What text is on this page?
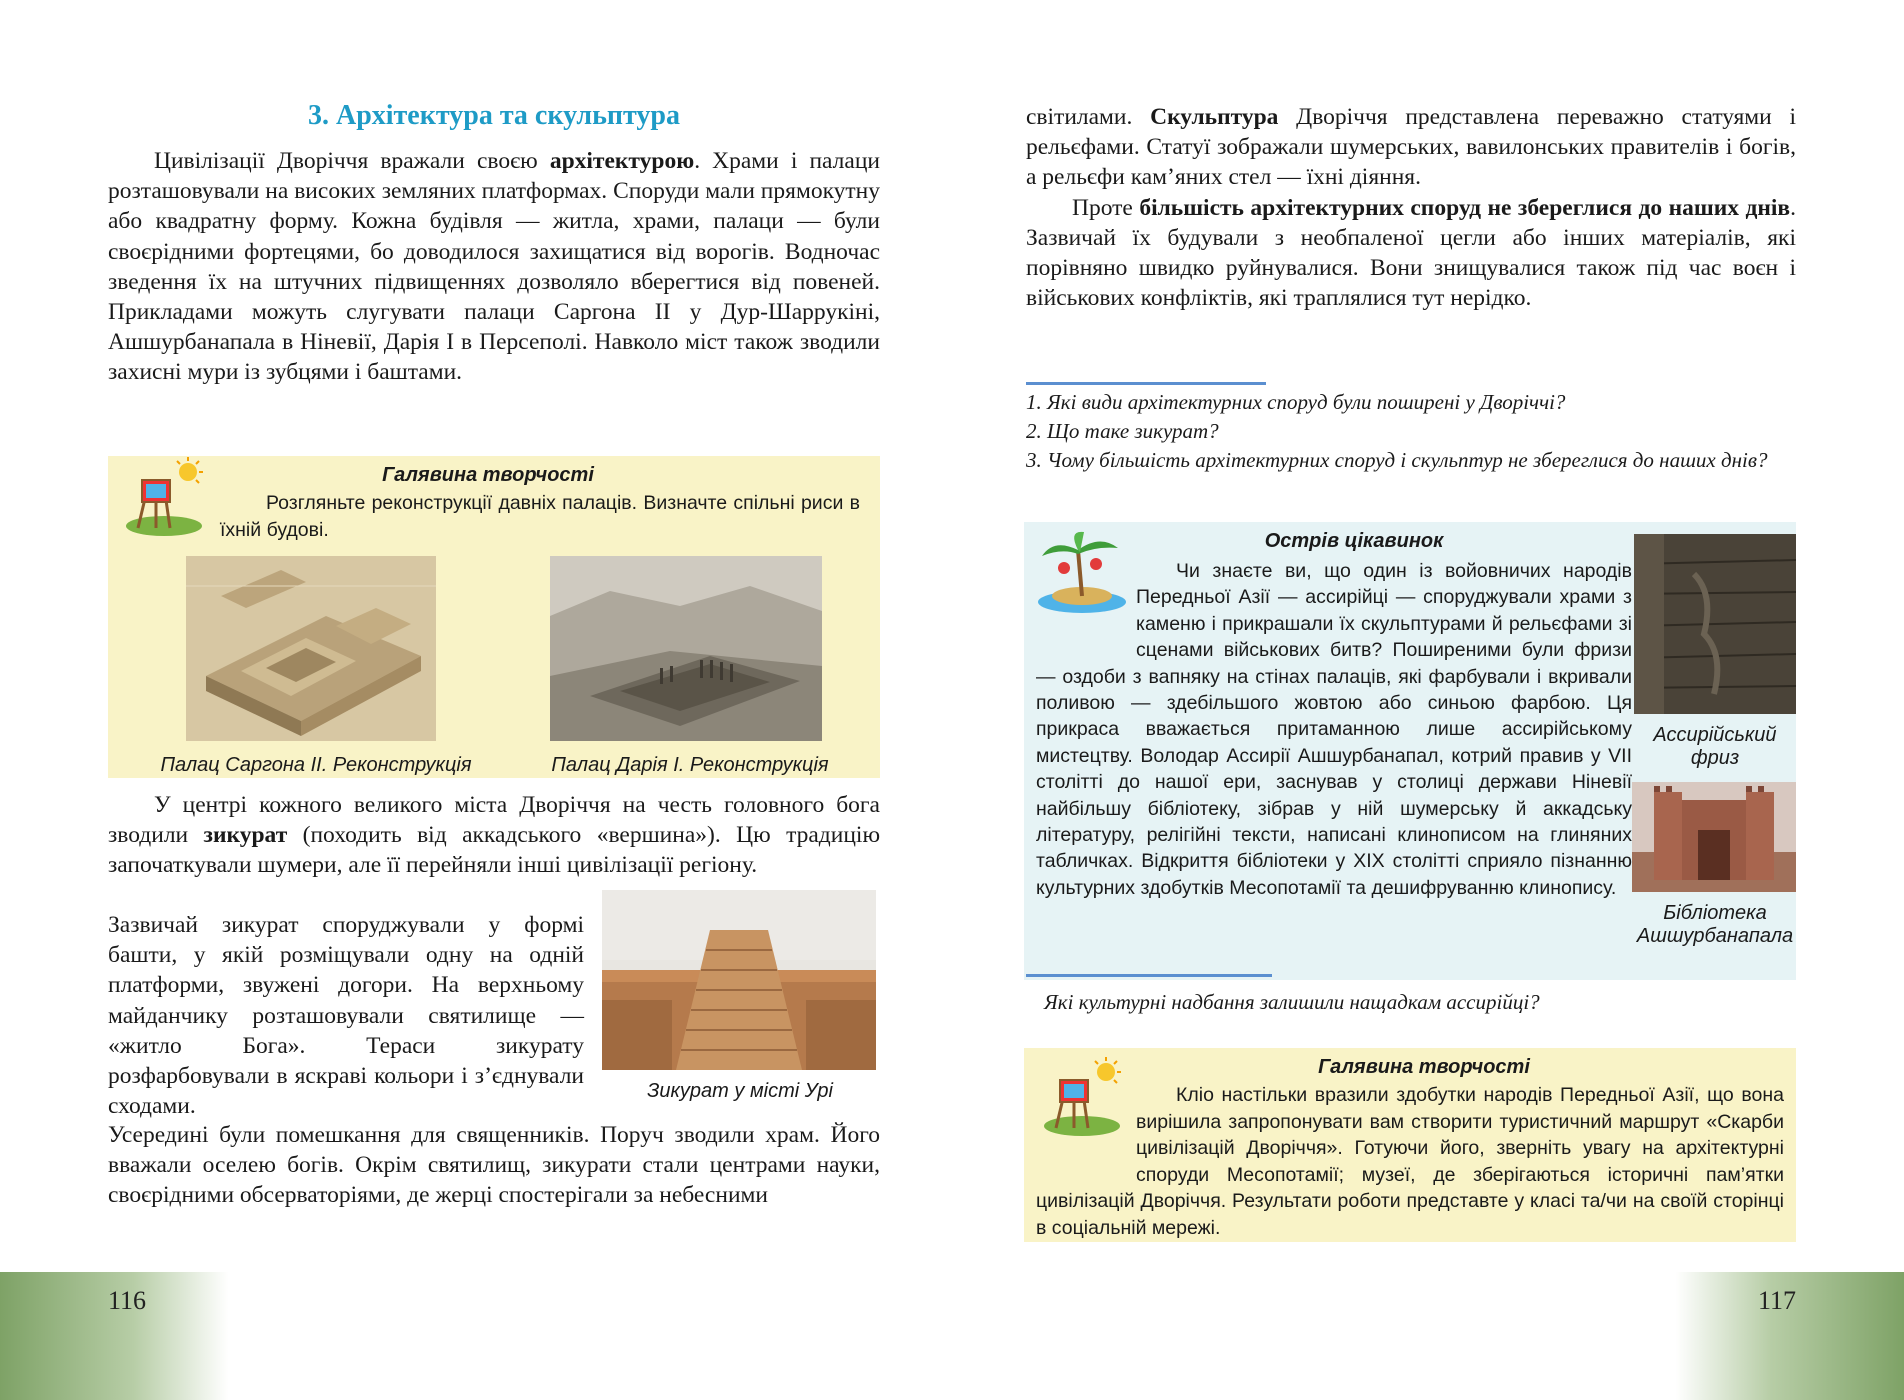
116
3. Архітектура та скульптура

Цивілізації Дворіччя вражали своєю архітектурою. Храми і палаци розташовували на високих земляних платформах. Споруди мали прямокутну або квадратну форму. Кожна будівля — житла, храми, палаци — були своєрідними фортецями, бо доводилося захищатися від ворогів. Водночас зведення їх на штучних підвищеннях дозволяло вберегтися від повеней. Прикладами можуть слугувати палаци Саргона II у Дур-Шаррукіні, Ашшурбанапала в Ніневії, Дарія I в Персеполі. Навколо міст також зводили захисні мури із зубцями і баштами.

Галявина творчості
Розгляньте реконструкції давніх палаців. Визначте спільні риси в їхній будові.
Палац Саргона II. Реконструкція	Палац Дарія I. Реконструкція

У центрі кожного великого міста Дворіччя на честь головного бога зводили зикурат (походить від аккадського «вершина»). Цю традицію започаткували шумери, але її перейняли інші цивілізації регіону.

Зазвичай зикурат споруджували у формі башти, у якій розміщували одну на одній платформи, звужені догори. На верхньому майданчику розташовували святилище — «житло Бога». Тераси зикурату розфарбовували в яскраві кольори і з’єднували сходами.

Зикурат у місті Урі

Усередині були помешкання для священників. Поруч зводили храм. Його вважали оселею богів. Окрім святилищ, зикурати стали центрами науки, своєрідними обсерваторіями, де жерці спостерігали за небесними

117

світилами. Скульптура Дворіччя представлена переважно статуями і рельєфами. Статуї зображали шумерських, вавилонських правителів і богів, а рельєфи кам’яних стел — їхні діяння.

Проте більшість архітектурних споруд не збереглися до наших днів. Зазвичай їх будували з необпаленої цегли або інших матеріалів, які порівняно швидко руйнувалися. Вони знищувалися також під час воєн і військових конфліктів, які траплялися тут нерідко.

1. Які види архітектурних споруд були поширені у Дворіччі?
2. Що таке зикурат?
3. Чому більшість архітектурних споруд і скульптур не збереглися до наших днів?
Острів цікавинок
Чи знаєте ви, що один із войовничих народів Передньої Азії — ассирійці — споруджували храми з каменю і прикрашали їх скульптурами й рельєфами зі сценами військових битв? Поширеними були фризи — оздоби з вапняку на стінах палаців, які фарбували і вкривали поливою — здебільшого жовтою або синьою фарбою. Ця прикраса вважається притаманною лише ассирійському мистецтву. Володар Ассирії Ашшурбанапал, котрий правив у VII столітті до нашої ери, заснував у столиці держави Ніневії найбільшу бібліотеку, зібрав у ній шумерську й аккадську літературу, релігійні тексти, написані клинописом на глиняних табличках. Відкриття бібліотеки у XIX столітті сприяло пізнанню культурних здобутків Месопотамії та дешифруванню клинопису.
Ассирійський фриз
Бібліотека Ашшурбанапала
Які культурні надбання залишили нащадкам ассирійці?
Галявина творчості
Кліо настільки вразили здобутки народів Передньої Азії, що вона вирішила запропонувати вам створити туристичний маршрут «Скарби цивілізацій Дворіччя». Готуючи його, зверніть увагу на архітектурні споруди Месопотамії; музеї, де зберігаються історичні пам’ятки цивілізацій Дворіччя. Результати роботи представте у класі та/чи на своїй сторінці в соціальній мережі.
